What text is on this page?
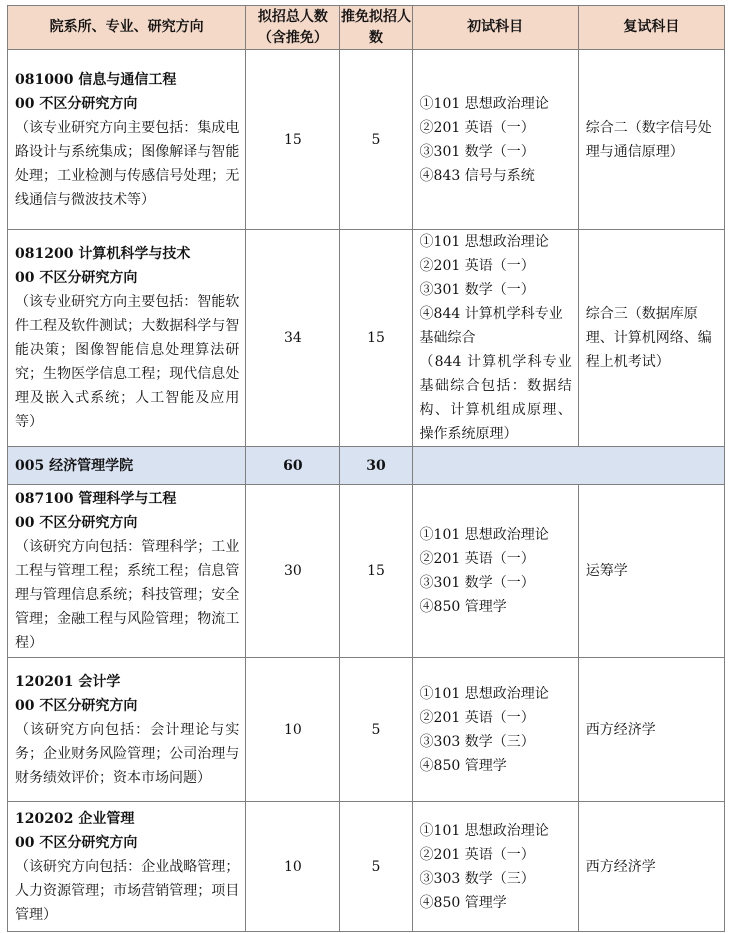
院系所、专业、研究方向	拟招总人数（含推免）	推免拟招人数	初试科目	复试科目

081000 信息与通信工程
00 不区分研究方向
（该专业研究方向主要包括：集成电路设计与系统集成；图像解译与智能处理；工业检测与传感信号处理；无线通信与微波技术等）	15	5	①101 思想政治理论
②201 英语（一）
③301 数学（一）
④843 信号与系统	综合二（数字信号处理与通信原理）

081200 计算机科学与技术
00 不区分研究方向
（该专业研究方向主要包括：智能软件工程及软件测试；大数据科学与智能决策；图像智能信息处理算法研究；生物医学信息工程；现代信息处理及嵌入式系统；人工智能及应用等）	34	15	①101 思想政治理论
②201 英语（一）
③301 数学（一）
④844 计算机学科专业基础综合
（844 计算机学科专业基础综合包括：数据结构、计算机组成原理、操作系统原理）	综合三（数据库原理、计算机网络、编程上机考试）
005 经济管理学院	60	30		

087100 管理科学与工程
00 不区分研究方向
（该研究方向包括：管理科学；工业工程与管理工程；系统工程；信息管理与管理信息系统；科技管理；安全管理；金融工程与风险管理；物流工程）	30	15	①101 思想政治理论
②201 英语（一）
③301 数学（一）
④850 管理学	运筹学

120201 会计学
00 不区分研究方向
（该研究方向包括：会计理论与实务；企业财务风险管理；公司治理与财务绩效评价；资本市场问题）	10	5	①101 思想政治理论
②201 英语（一）
③303 数学（三）
④850 管理学	西方经济学

120202 企业管理
00 不区分研究方向
（该研究方向包括：企业战略管理；人力资源管理；市场营销管理；项目管理）	10	5	①101 思想政治理论
②201 英语（一）
③303 数学（三）
④850 管理学	西方经济学
